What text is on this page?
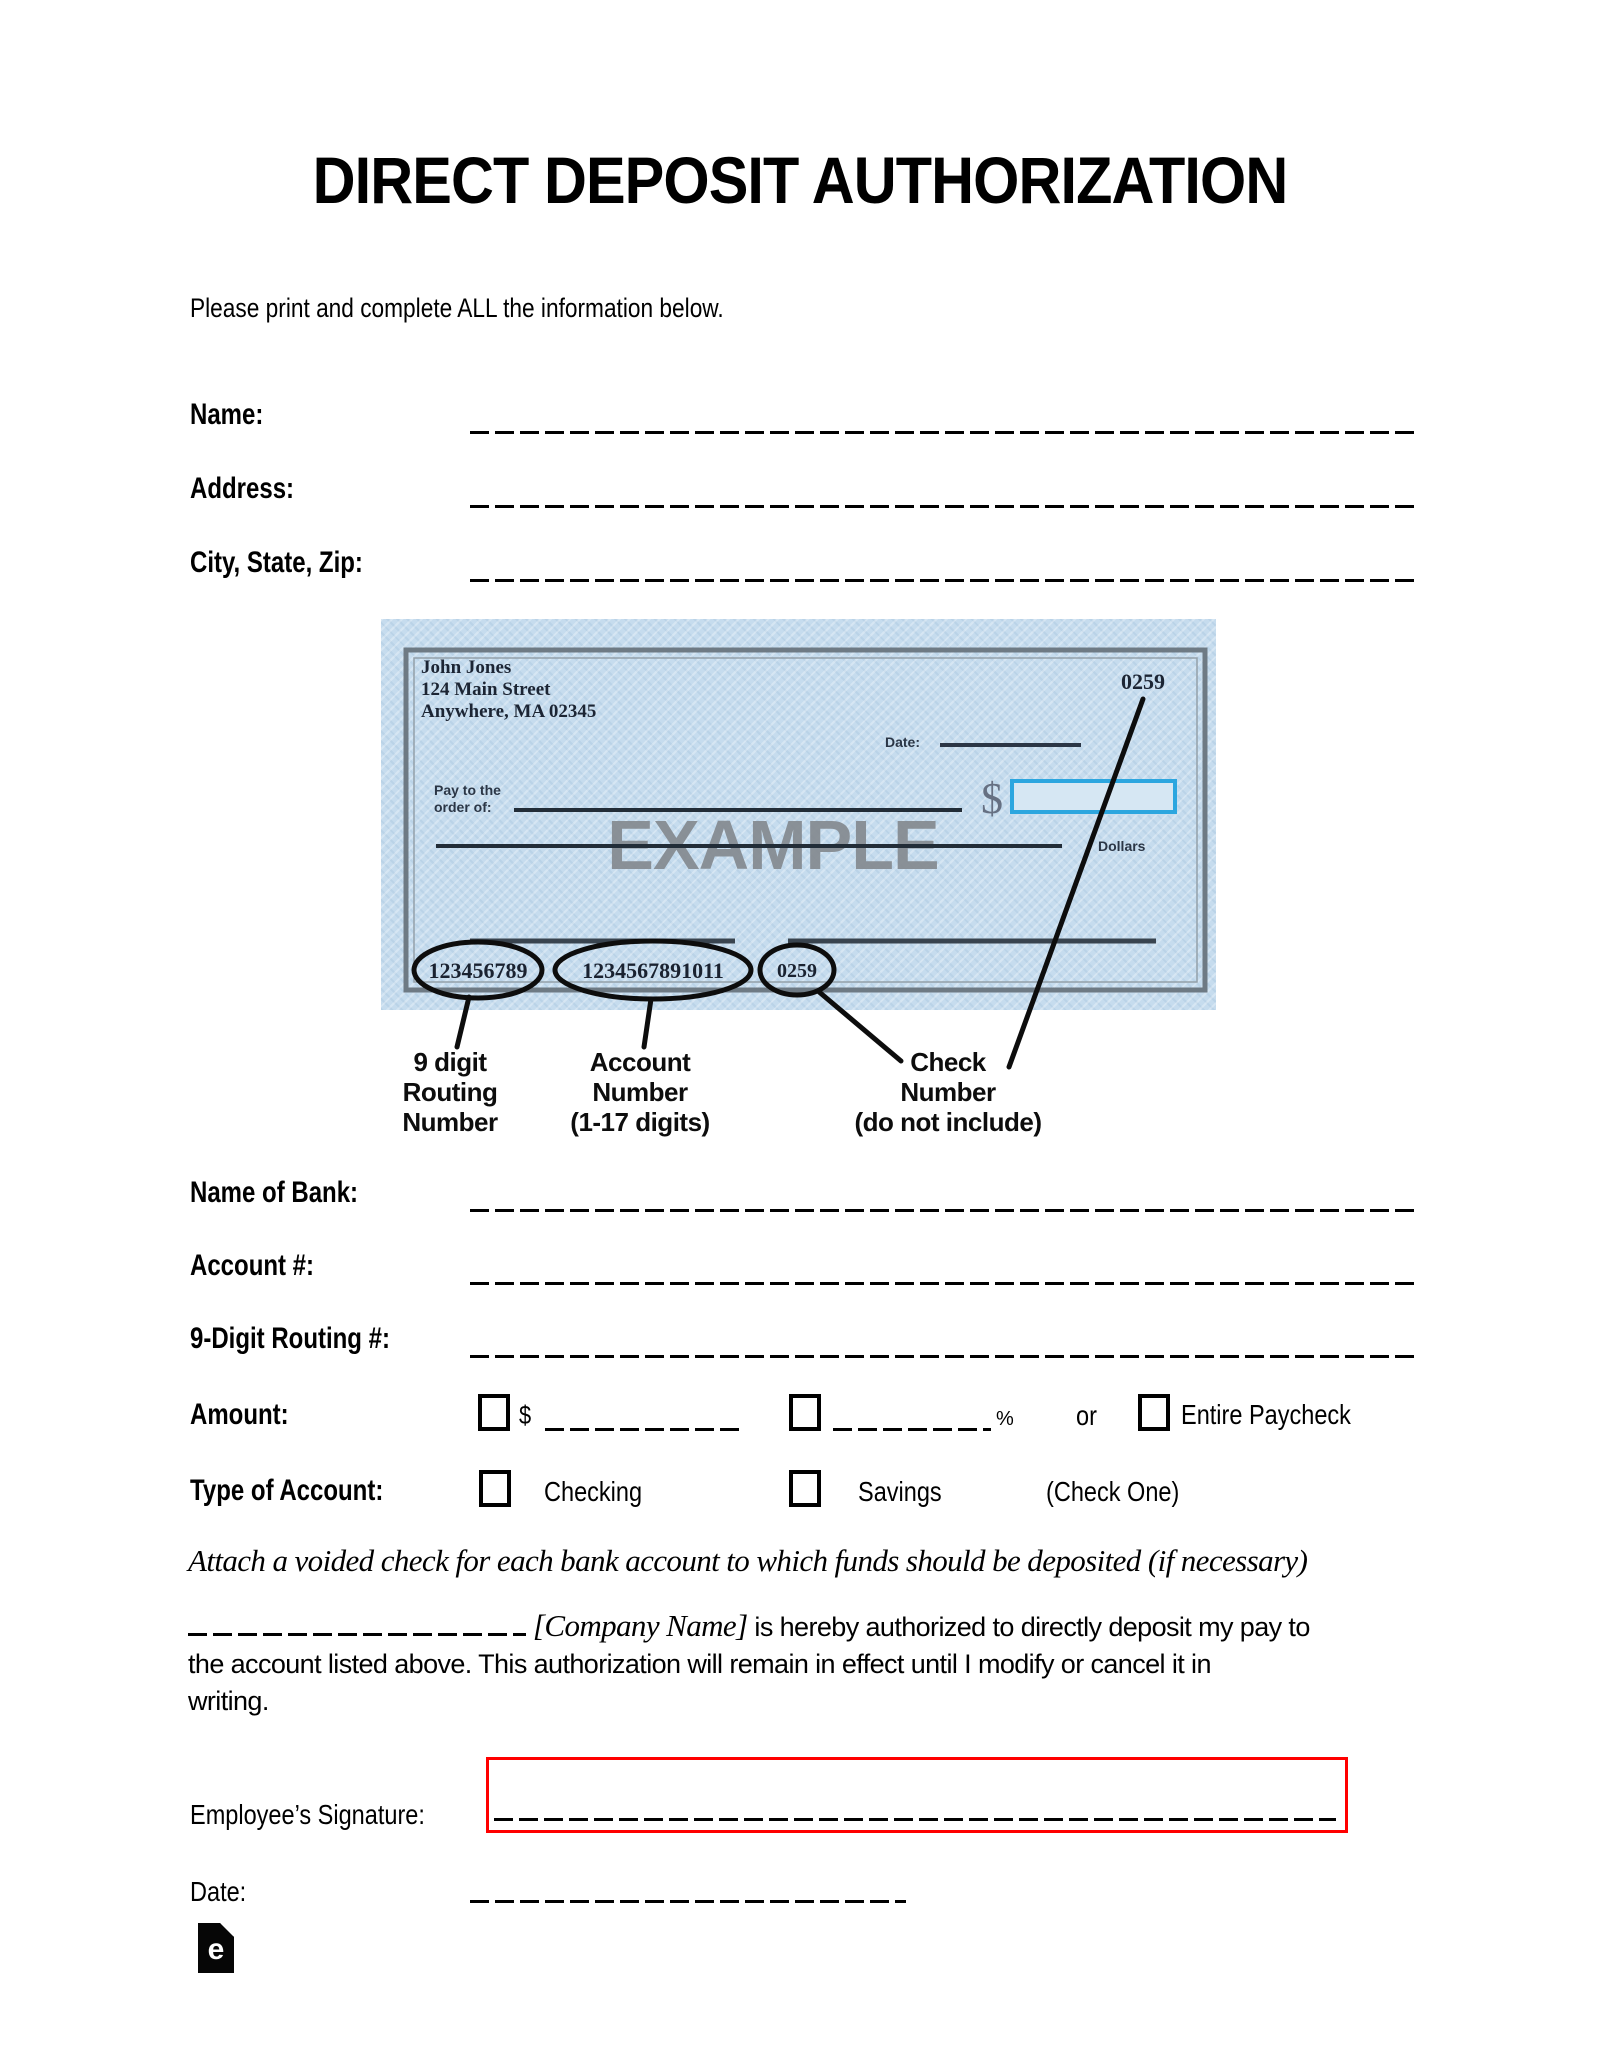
DIRECT DEPOSIT AUTHORIZATION
Please print and complete ALL the information below.
Name:
Address:
City, State, Zip:
John Jones
124 Main Street
Anywhere, MA 02345
0259
Date:
Pay to the
order of:	$
EXAMPLE	Dollars
123456789 1234567891011	0259
9 digit
Routing
Number
Account
Number
(1-17 digits)
Check
Number
(do not include)
Name of Bank:
Account #:
9-Digit Routing #:
Amount:	$	% or	Entire Paycheck
Type of Account:	Checking	Savings	(Check One)
Attach a voided check for each bank account to which funds should be deposited (if necessary)
[Company Name] is hereby authorized to directly deposit my pay to
the account listed above. This authorization will remain in effect until I modify or cancel it in
writing.
Employee’s Signature:
Date:
e
